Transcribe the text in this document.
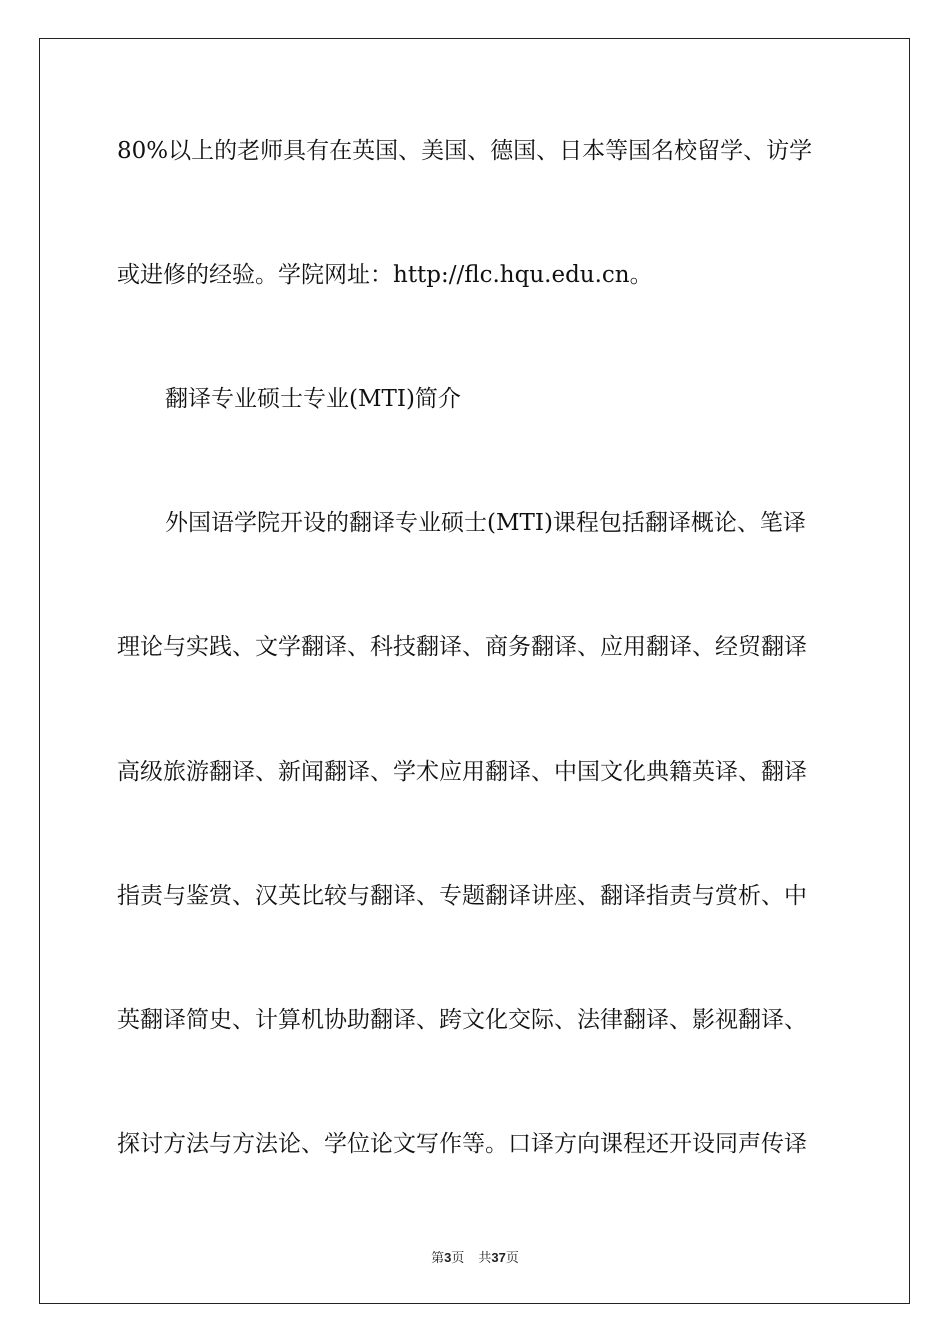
80%以上的老师具有在英国、美国、德国、日本等国名校留学、访学
或进修的经验。学院网址：http://flc.hqu.edu.cn。
翻译专业硕士专业(MTI)简介
外国语学院开设的翻译专业硕士(MTI)课程包括翻译概论、笔译
理论与实践、文学翻译、科技翻译、商务翻译、应用翻译、经贸翻译
高级旅游翻译、新闻翻译、学术应用翻译、中国文化典籍英译、翻译
指责与鉴赏、汉英比较与翻译、专题翻译讲座、翻译指责与赏析、中
英翻译简史、计算机协助翻译、跨文化交际、法律翻译、影视翻译、
探讨方法与方法论、学位论文写作等。口译方向课程还开设同声传译
第3页 共37页
